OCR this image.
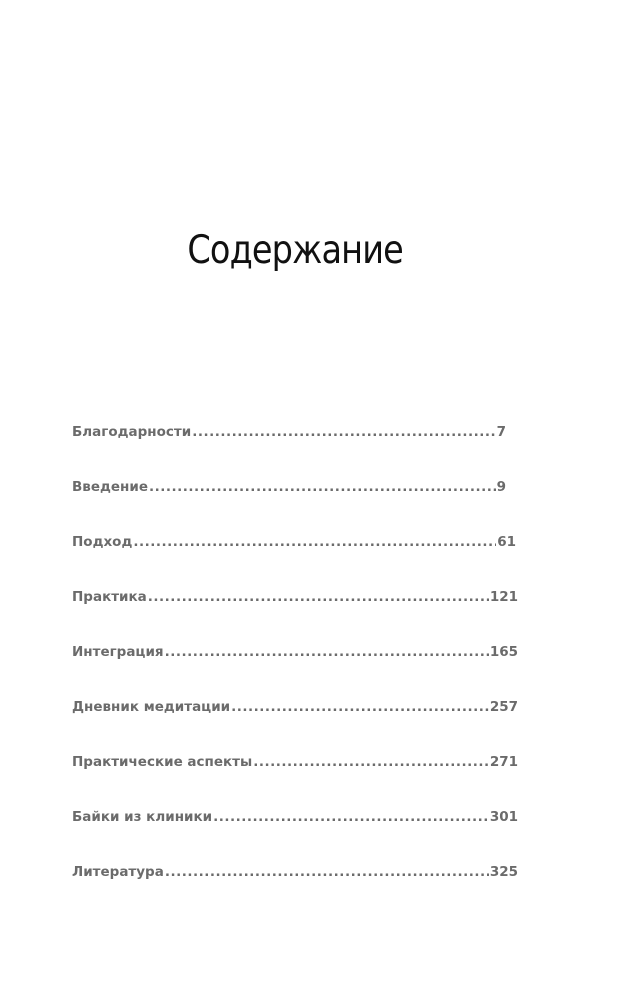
Содержание
Благодарности .....	7
Введение .....	9
Подход .....	61
Практика .....	121
Интеграция .....	165
Дневник медитации .....	257
Практические аспекты .....	271
Байки из клиники .....	301
Литература .....	325
